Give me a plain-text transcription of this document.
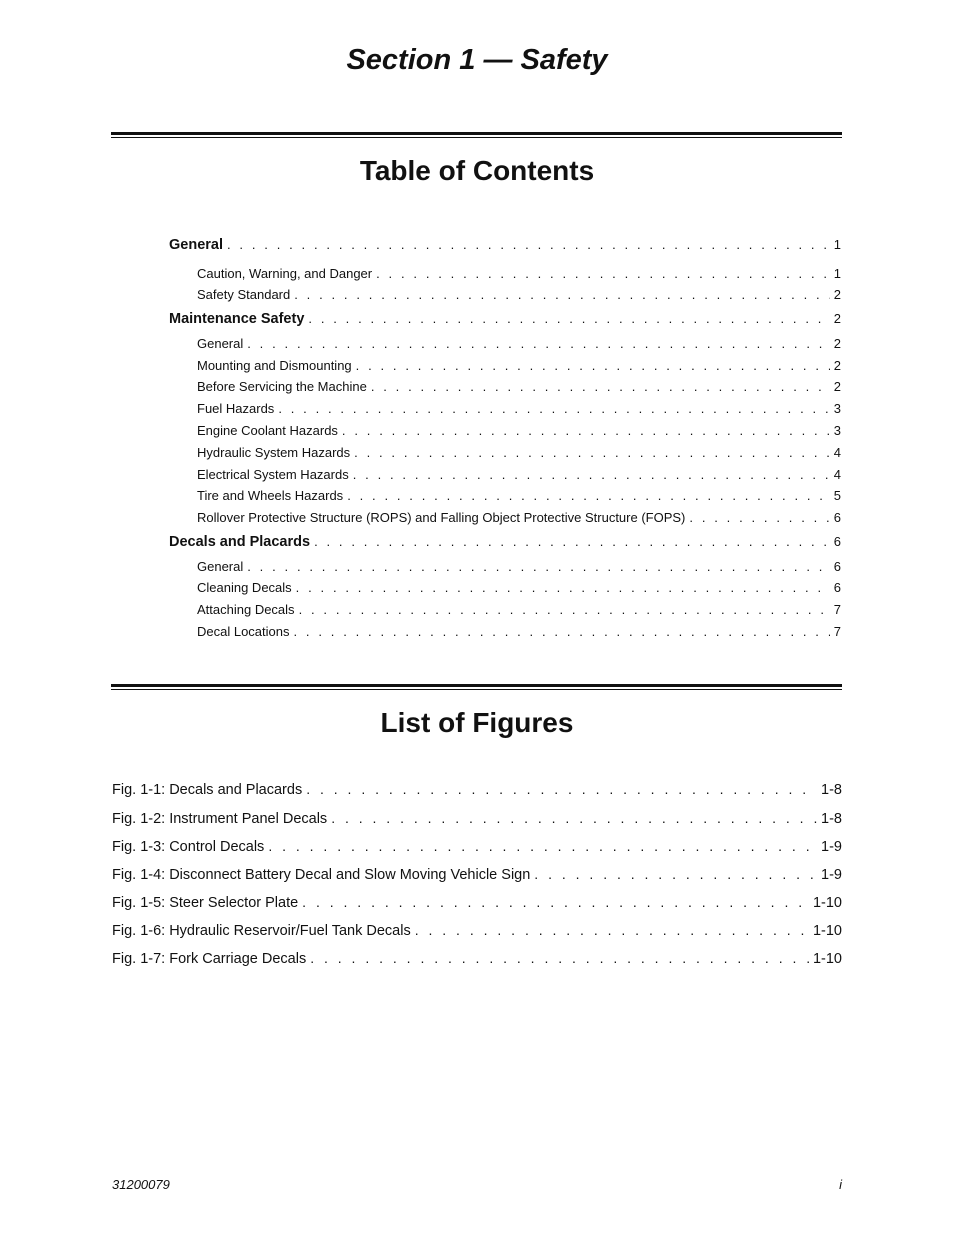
Section 1 — Safety
Table of Contents
General . . .	1
Caution, Warning, and Danger . . .	1
Safety Standard . . .	2
Maintenance Safety . . .	2
General . . .	2
Mounting and Dismounting . . .	2
Before Servicing the Machine . . .	2
Fuel Hazards . . .	3
Engine Coolant Hazards . . .	3
Hydraulic System Hazards . . .	4
Electrical System Hazards . . .	4
Tire and Wheels Hazards . . .	5
Rollover Protective Structure (ROPS) and Falling Object Protective Structure (FOPS) . . .	6
Decals and Placards . . .	6
General . . .	6
Cleaning Decals . . .	6
Attaching Decals . . .	7
Decal Locations . . .	7
List of Figures
Fig. 1-1: Decals and Placards . . .	1-8
Fig. 1-2: Instrument Panel Decals . . .	1-8
Fig. 1-3: Control Decals . . .	1-9
Fig. 1-4: Disconnect Battery Decal and Slow Moving Vehicle Sign . . .	1-9
Fig. 1-5: Steer Selector Plate . . .	1-10
Fig. 1-6: Hydraulic Reservoir/Fuel Tank Decals . . .	1-10
Fig. 1-7: Fork Carriage Decals . . .	1-10
31200079	i
